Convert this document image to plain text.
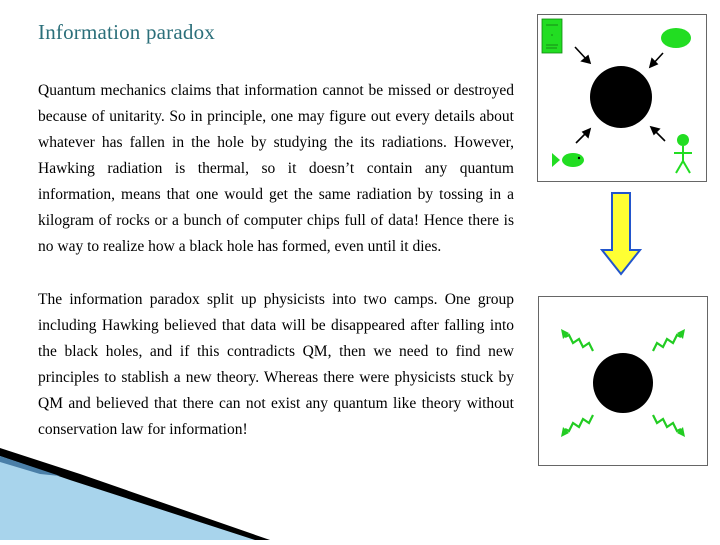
Information paradox
Quantum mechanics claims that information cannot be missed or destroyed because of unitarity. So in principle, one may figure out every details about whatever has fallen in the hole by studying the its radiations. However, Hawking radiation is thermal, so it doesn’t contain any quantum information, means that one would get the same radiation by tossing in a kilogram of rocks or a bunch of computer chips full of data! Hence there is no way to realize how a black hole has formed, even until it dies.
The information paradox split up physicists into two camps. One group including Hawking believed that data will be disappeared after falling into the black holes, and if this contradicts QM, then we need to find new principles to stablish a new theory. Whereas there were physicists stuck by QM and believed that there can not exist any quantum like theory without conservation law for information!
